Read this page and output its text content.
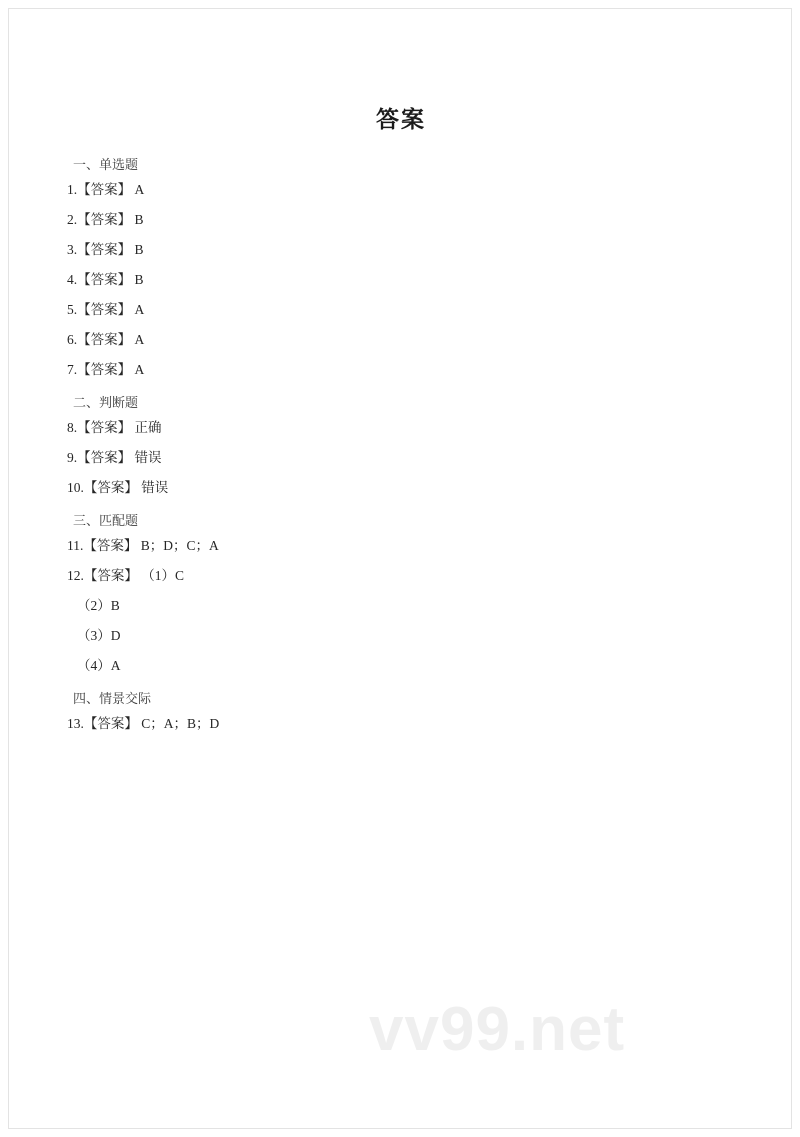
答案
一、单选题
1.【答案】 A
2.【答案】 B
3.【答案】 B
4.【答案】 B
5.【答案】 A
6.【答案】 A
7.【答案】 A
二、判断题
8.【答案】 正确
9.【答案】 错误
10.【答案】 错误
三、匹配题
11.【答案】 B；D；C；A
12.【答案】 （1）C
（2）B
（3）D
（4）A
四、情景交际
13.【答案】 C；A；B；D
vv99.net
